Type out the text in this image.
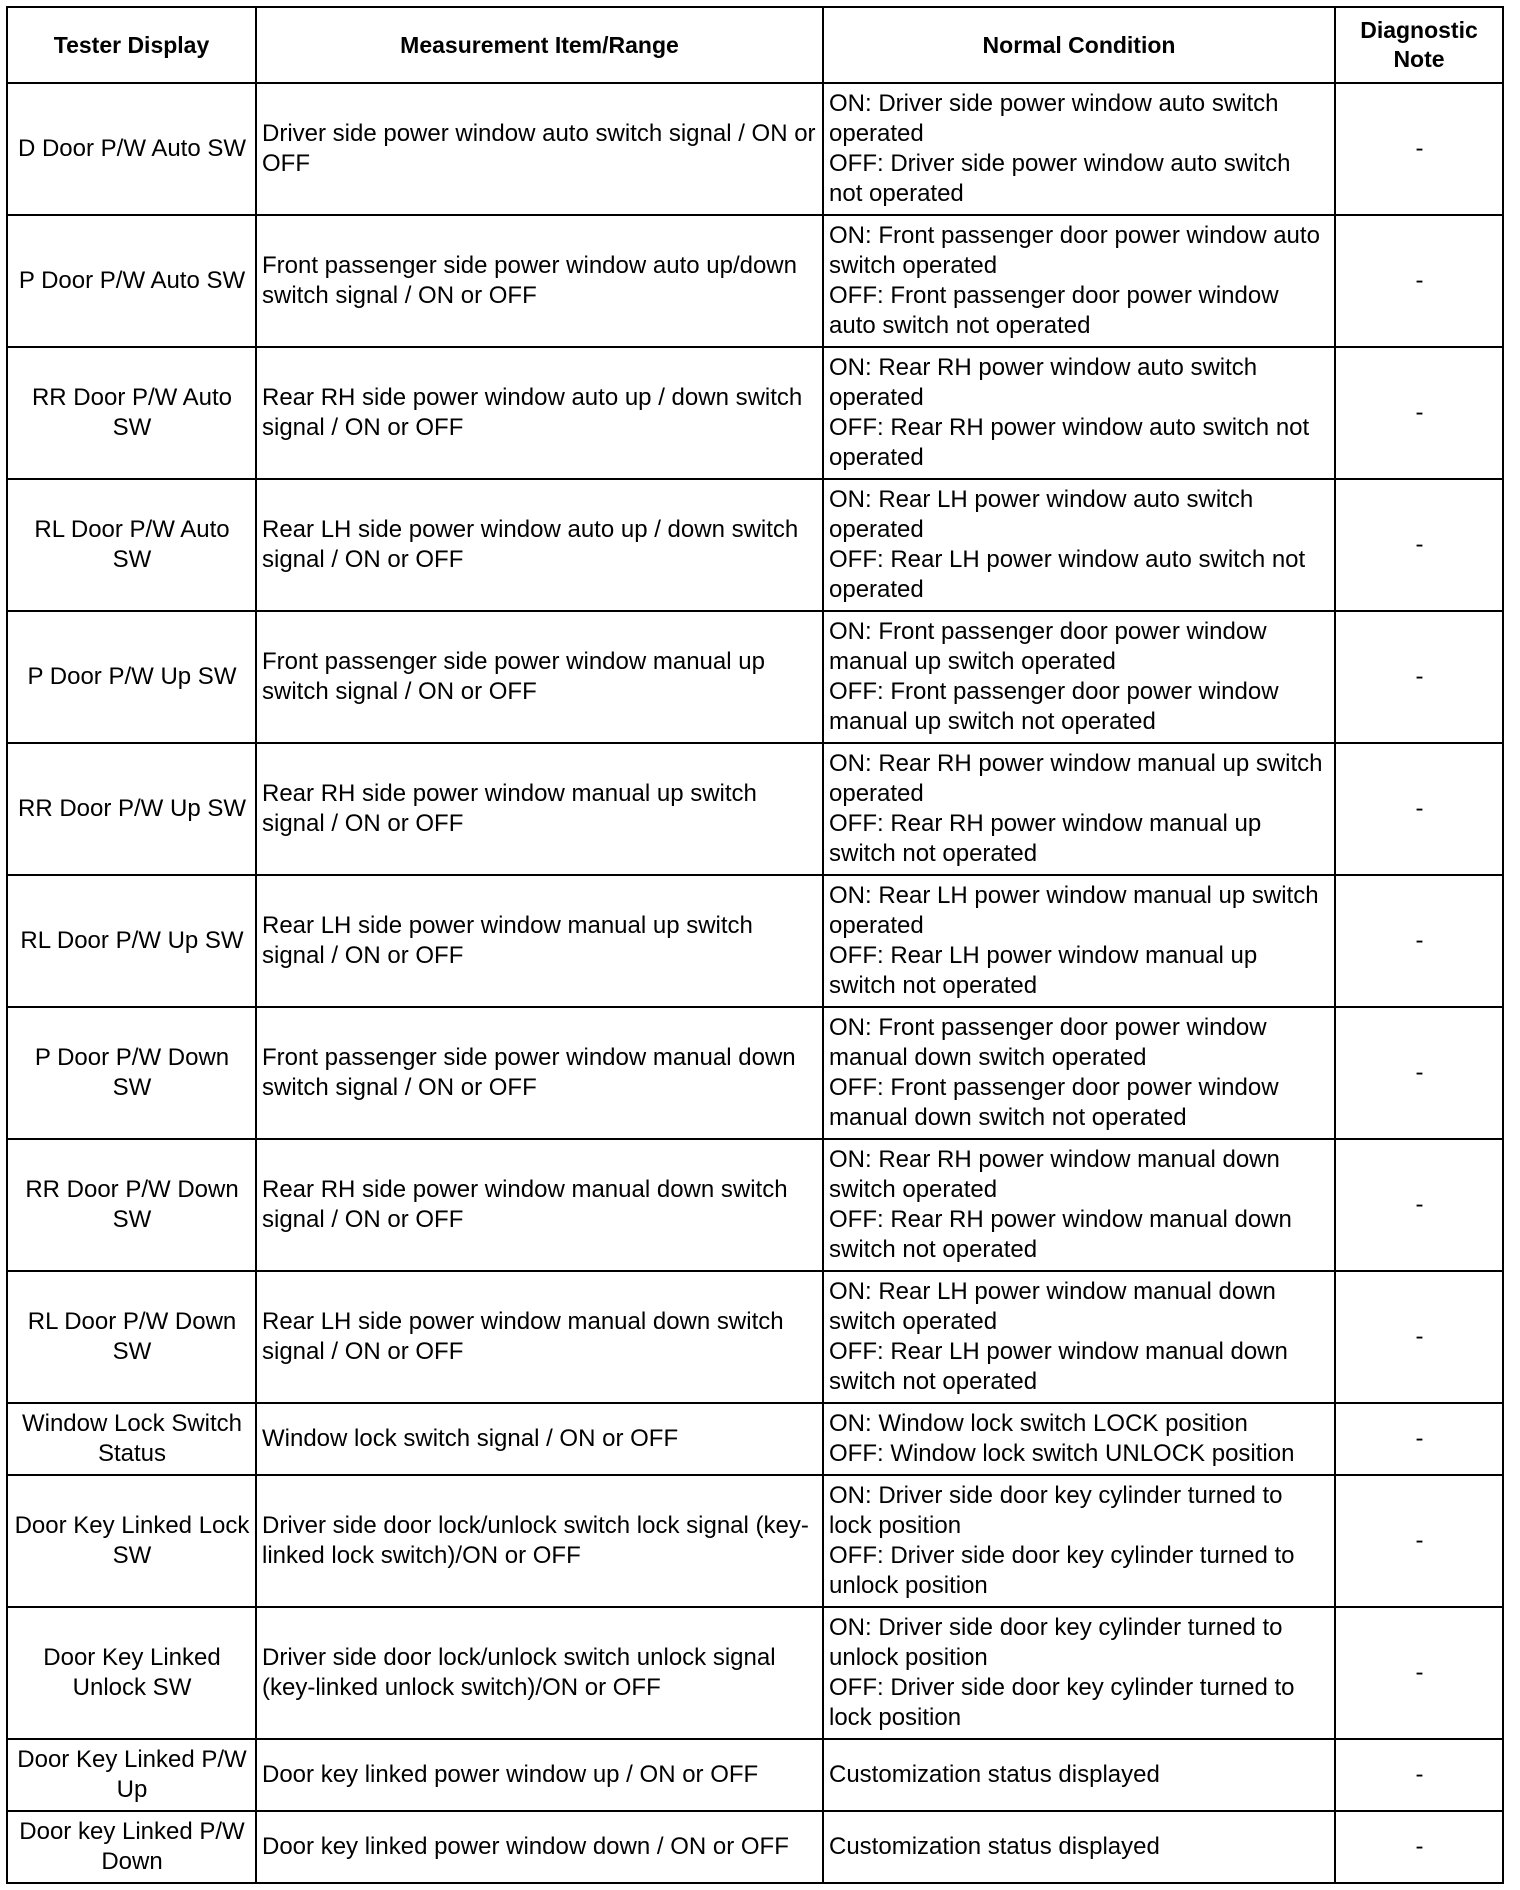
Tester Display	Measurement Item/Range	Normal Condition	Diagnostic Note
D Door P/W Auto SW	Driver side power window auto switch signal / ON or OFF	ON: Driver side power window auto switch operated
OFF: Driver side power window auto switch not operated	-
P Door P/W Auto SW	Front passenger side power window auto up/down switch signal / ON or OFF	ON: Front passenger door power window auto switch operated
OFF: Front passenger door power window auto switch not operated	-
RR Door P/W Auto SW	Rear RH side power window auto up / down switch signal / ON or OFF	ON: Rear RH power window auto switch operated
OFF: Rear RH power window auto switch not operated	-
RL Door P/W Auto SW	Rear LH side power window auto up / down switch signal / ON or OFF	ON: Rear LH power window auto switch operated
OFF: Rear LH power window auto switch not operated	-
P Door P/W Up SW	Front passenger side power window manual up switch signal / ON or OFF	ON: Front passenger door power window manual up switch operated
OFF: Front passenger door power window manual up switch not operated	-
RR Door P/W Up SW	Rear RH side power window manual up switch signal / ON or OFF	ON: Rear RH power window manual up switch operated
OFF: Rear RH power window manual up switch not operated	-
RL Door P/W Up SW	Rear LH side power window manual up switch signal / ON or OFF	ON: Rear LH power window manual up switch operated
OFF: Rear LH power window manual up switch not operated	-
P Door P/W Down SW	Front passenger side power window manual down switch signal / ON or OFF	ON: Front passenger door power window manual down switch operated
OFF: Front passenger door power window manual down switch not operated	-
RR Door P/W Down SW	Rear RH side power window manual down switch signal / ON or OFF	ON: Rear RH power window manual down switch operated
OFF: Rear RH power window manual down switch not operated	-
RL Door P/W Down SW	Rear LH side power window manual down switch signal / ON or OFF	ON: Rear LH power window manual down switch operated
OFF: Rear LH power window manual down switch not operated	-
Window Lock Switch Status	Window lock switch signal / ON or OFF	ON: Window lock switch LOCK position
OFF: Window lock switch UNLOCK position	-
Door Key Linked Lock SW	Driver side door lock/unlock switch lock signal (key-linked lock switch)/ON or OFF	ON: Driver side door key cylinder turned to lock position
OFF: Driver side door key cylinder turned to unlock position	-
Door Key Linked Unlock SW	Driver side door lock/unlock switch unlock signal (key-linked unlock switch)/ON or OFF	ON: Driver side door key cylinder turned to unlock position
OFF: Driver side door key cylinder turned to lock position	-
Door Key Linked P/W Up	Door key linked power window up / ON or OFF	Customization status displayed	-
Door key Linked P/W Down	Door key linked power window down / ON or OFF	Customization status displayed	-
